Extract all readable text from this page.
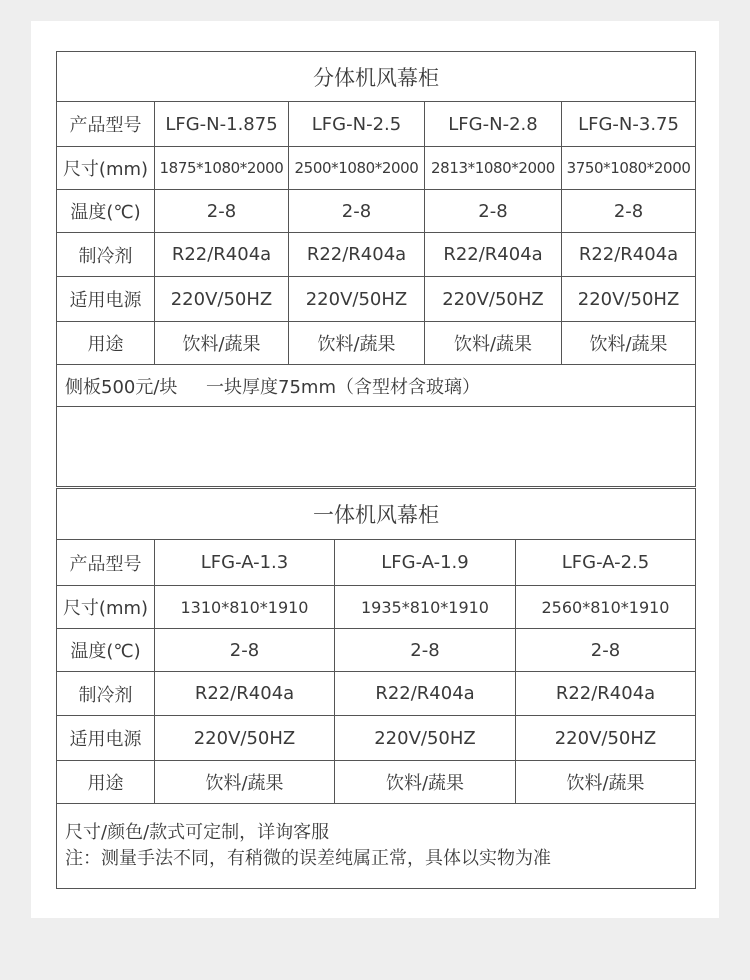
分体机风幕柜				
产品型号	LFG-N-1.875	LFG-N-2.5	LFG-N-2.8	LFG-N-3.75
尺寸(mm)	1875*1080*2000	2500*1080*2000	2813*1080*2000	3750*1080*2000
温度(℃)	2-8	2-8	2-8	2-8
制冷剂	R22/R404a	R22/R404a	R22/R404a	R22/R404a
适用电源	220V/50HZ	220V/50HZ	220V/50HZ	220V/50HZ
用途	饮料/蔬果	饮料/蔬果	饮料/蔬果	饮料/蔬果
侧板500元/块     一块厚度75mm（含型材含玻璃）				

一体机风幕柜			
产品型号	LFG-A-1.3	LFG-A-1.9	LFG-A-2.5
尺寸(mm)	1310*810*1910	1935*810*1910	2560*810*1910
温度(℃)	2-8	2-8	2-8
制冷剂	R22/R404a	R22/R404a	R22/R404a
适用电源	220V/50HZ	220V/50HZ	220V/50HZ
用途	饮料/蔬果	饮料/蔬果	饮料/蔬果

尺寸/颜色/款式可定制，详询客服
注：测量手法不同，有稍微的误差纯属正常，具体以实物为准			
